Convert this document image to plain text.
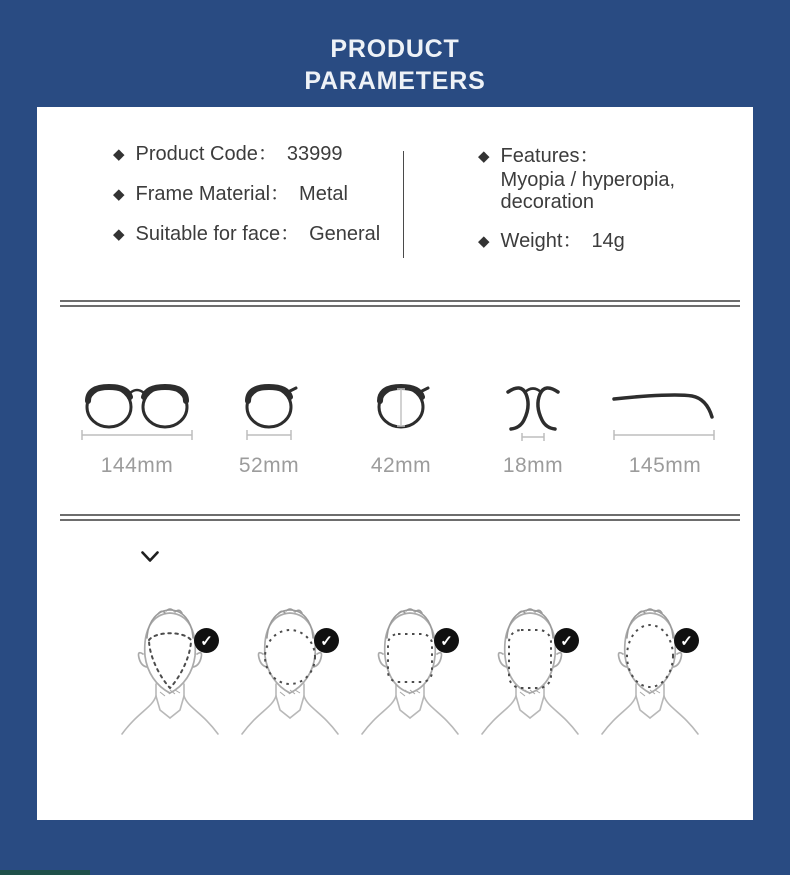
PRODUCT
PARAMETERS
◆ Product Code ： 33999
◆ Frame Material ： Metal
◆ Suitable for face ： General
◆ Features：
Myopia / hyperopia, decoration
◆ Weight ： 14g
144mm	52mm	42mm	18mm	145mm
✓	✓	✓	✓	✓
